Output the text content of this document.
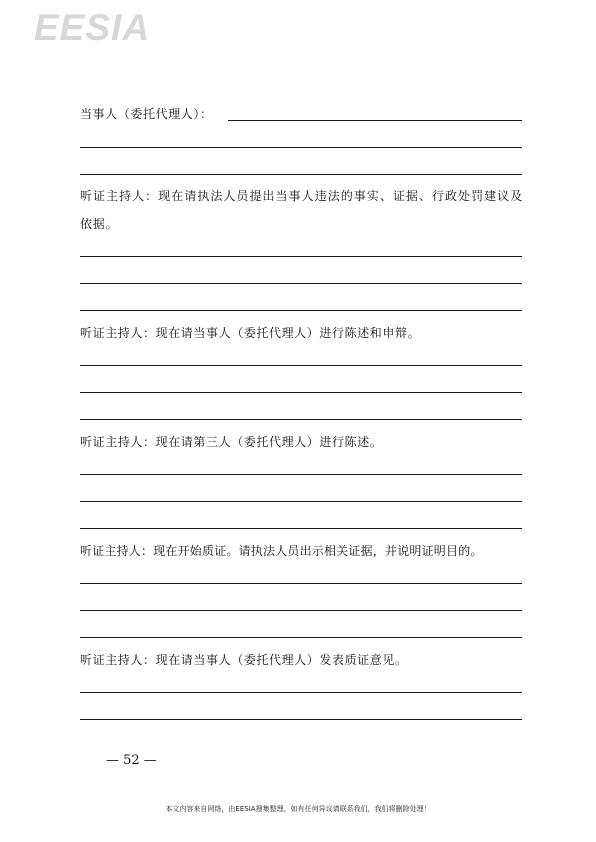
EESIA
当事人（委托代理人）：
听证主持人：现在请执法人员提出当事人违法的事实、证据、行政处罚建议及依据。
听证主持人：现在请当事人（委托代理人）进行陈述和申辩。
听证主持人：现在请第三人（委托代理人）进行陈述。
听证主持人：现在开始质证。请执法人员出示相关证据，并说明证明目的。
听证主持人：现在请当事人（委托代理人）发表质证意见。
— 52 —
本文内容来自网络，由EESIA搜集整理，如有任何异议请联系我们，我们将删除处理！
